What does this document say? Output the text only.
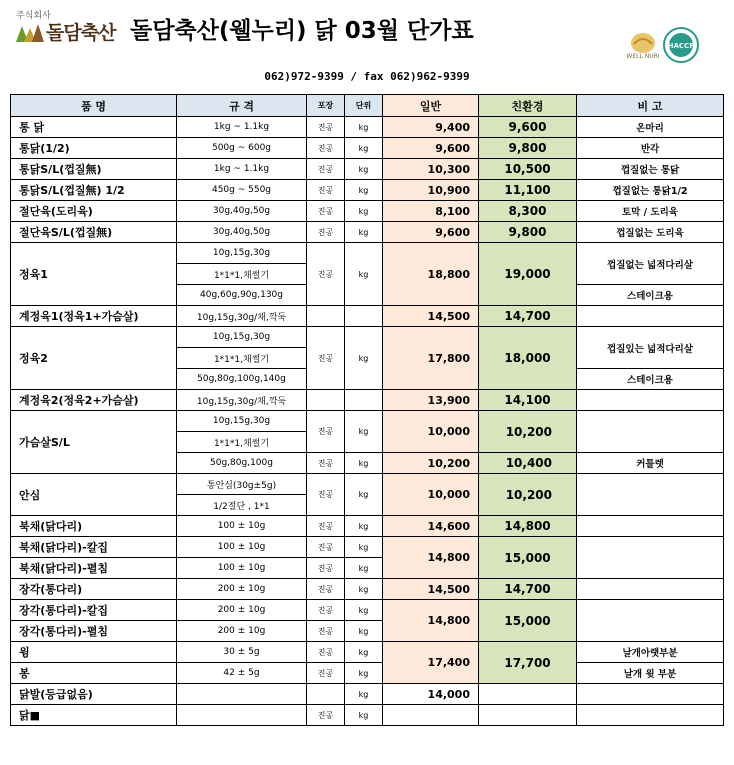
주식회사
돌담축산 돌담축산(웰누리) 닭 03월 단가표
WELL NURI
HACCP
062)972-9399 / fax 062)962-9399
품 명	규 격	포장	단위	일반	친환경	비 고
통 닭	1kg ~ 1.1kg	진공	kg	9,400	9,600	온마리
통닭(1/2)	500g ~ 600g	진공	kg	9,600	9,800	반각
통닭S/L(껍질無)	1kg ~ 1.1kg	진공	kg	10,300	10,500	껍질없는 통닭
통닭S/L(껍질無) 1/2	450g ~ 550g	진공	kg	10,900	11,100	껍질없는 통닭1/2
절단육(도리육)	30g,40g,50g	진공	kg	8,100	8,300	토막 / 도리육
절단육S/L(껍질無)	30g,40g,50g	진공	kg	9,600	9,800	껍질없는 도리육
정육1	10g,15g,30g	진공	kg	18,800	19,000	껍질없는 넓적다리살
	1*1*1,채썰기					
	40g,60g,90g,130g					스테이크용
계정육1(정육1+가슴살)	10g,15g,30g/채,깍둑			14,500	14,700	
정육2	10g,15g,30g	진공	kg	17,800	18,000	껍질있는 넓적다리살
	1*1*1,채썰기					
	50g,80g,100g,140g					스테이크용
계정육2(정육2+가슴살)	10g,15g,30g/채,깍둑			13,900	14,100	
가슴살S/L	10g,15g,30g	진공	kg	10,000	10,200	
	1*1*1,채썰기					
	50g,80g,100g	진공	kg	10,200	10,400	커틀렛
안심	통안심(30g±5g)	진공	kg	10,000	10,200	
	1/2절단 , 1*1					
북채(닭다리)	100 ± 10g	진공	kg	14,600	14,800	
북채(닭다리)-칼집	100 ± 10g	진공	kg	14,800	15,000	
북채(닭다리)-펼침	100 ± 10g	진공	kg			
장각(통다리)	200 ± 10g	진공	kg	14,500	14,700	
장각(통다리)-칼집	200 ± 10g	진공	kg	14,800	15,000	
장각(통다리)-펼침	200 ± 10g	진공	kg			
윙	30 ± 5g	진공	kg	17,400	17,700	날개아랫부분
봉	42 ± 5g	진공	kg			날개 윗 부분
닭발(등급없음)			kg	14,000		
닭■		진공	kg			
